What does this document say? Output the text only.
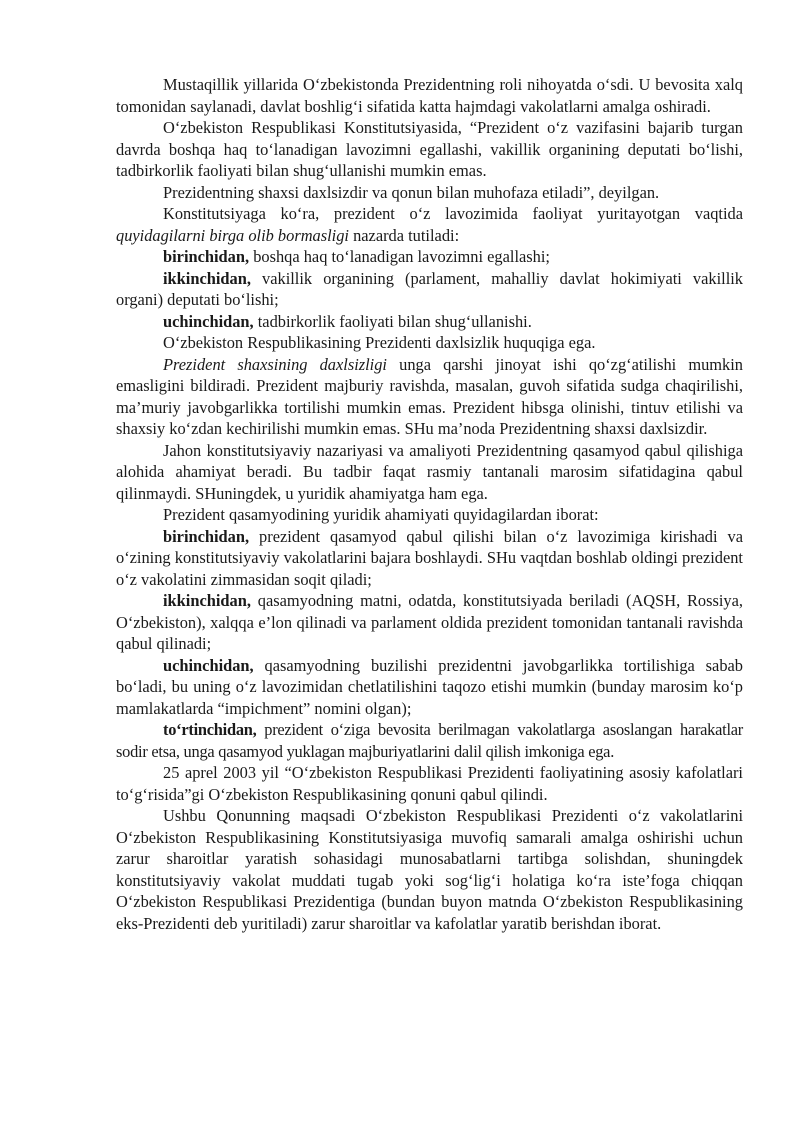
Mustaqillik yillarida O‘zbekistonda Prezidentning roli nihoyatda o‘sdi. U bevosita xalq tomonidan saylanadi, davlat boshlig‘i sifatida katta hajmdagi vakolatlarni amalga oshiradi.

O‘zbekiston Respublikasi Konstitutsiyasida, “Prezident o‘z vazifasini bajarib turgan davrda boshqa haq to‘lanadigan lavozimni egallashi, vakillik organining deputati bo‘lishi, tadbirkorlik faoliyati bilan shug‘ullanishi mumkin emas.

Prezidentning shaxsi daxlsizdir va qonun bilan muhofaza etiladi”, deyilgan.

Konstitutsiyaga ko‘ra, prezident o‘z lavozimida faoliyat yuritayotgan vaqtida quyidagilarni birga olib bormasligi nazarda tutiladi:

birinchidan, boshqa haq to‘lanadigan lavozimni egallashi;

ikkinchidan, vakillik organining (parlament, mahalliy davlat hokimiyati vakillik organi) deputati bo‘lishi;

uchinchidan, tadbirkorlik faoliyati bilan shug‘ullanishi.

O‘zbekiston Respublikasining Prezidenti daxlsizlik huquqiga ega.

Prezident shaxsining daxlsizligi unga qarshi jinoyat ishi qo‘zg‘atilishi mumkin emasligini bildiradi. Prezident majburiy ravishda, masalan, guvoh sifatida sudga chaqirilishi, ma’muriy javobgarlikka tortilishi mumkin emas. Prezident hibsga olinishi, tintuv etilishi va shaxsiy ko‘zdan kechirilishi mumkin emas. SHu ma’noda Prezidentning shaxsi daxlsizdir.

Jahon konstitutsiyaviy nazariyasi va amaliyoti Prezidentning qasamyod qabul qilishiga alohida ahamiyat beradi. Bu tadbir faqat rasmiy tantanali marosim sifatidagina qabul qilinmaydi. SHuningdek, u yuridik ahamiyatga ham ega.

Prezident qasamyodining yuridik ahamiyati quyidagilardan iborat:

birinchidan, prezident qasamyod qabul qilishi bilan o‘z lavozimiga kirishadi va o‘zining konstitutsiyaviy vakolatlarini bajara boshlaydi. SHu vaqtdan boshlab oldingi prezident o‘z vakolatini zimmasidan soqit qiladi;

ikkinchidan, qasamyodning matni, odatda, konstitutsiyada beriladi (AQSH, Rossiya, O‘zbekiston), xalqqa e’lon qilinadi va parlament oldida prezident tomonidan tantanali ravishda qabul qilinadi;

uchinchidan, qasamyodning buzilishi prezidentni javobgarlikka tortilishiga sabab bo‘ladi, bu uning o‘z lavozimidan chetlatilishini taqozo etishi mumkin (bunday marosim ko‘p mamlakatlarda “impichment” nomini olgan);

to‘rtinchidan, prezident o‘ziga bevosita berilmagan vakolatlarga asoslangan harakatlar sodir etsa, unga qasamyod yuklagan majburiyatlarini dalil qilish imkoniga ega.

25 aprel 2003 yil “O‘zbekiston Respublikasi Prezidenti faoliyatining asosiy kafolatlari to‘g‘risida”gi O‘zbekiston Respublikasining qonuni qabul qilindi.

Ushbu Qonunning maqsadi O‘zbekiston Respublikasi Prezidenti o‘z vakolatlarini O‘zbekiston Respublikasining Konstitutsiyasiga muvofiq samarali amalga oshirishi uchun zarur sharoitlar yaratish sohasidagi munosabatlarni tartibga solishdan, shuningdek konstitutsiyaviy vakolat muddati tugab yoki sog‘lig‘i holatiga ko‘ra iste’foga chiqqan O‘zbekiston Respublikasi Prezidentiga (bundan buyon matnda O‘zbekiston Respublikasining eks-Prezidenti deb yuritiladi) zarur sharoitlar va kafolatlar yaratib berishdan iborat.
